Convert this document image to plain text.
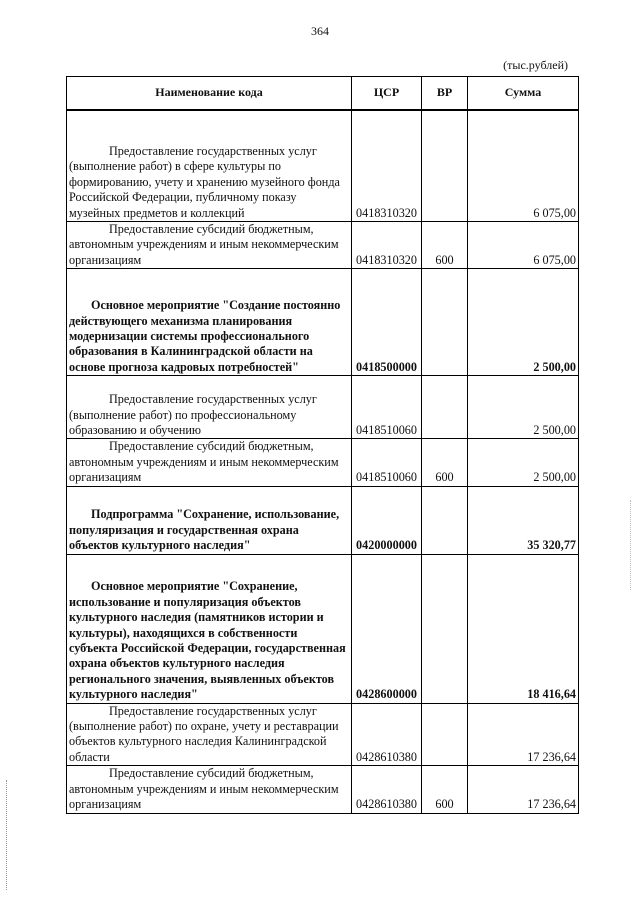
364
(тыс.рублей)
Наименование кода	ЦСР	ВР	Сумма
Предоставление государственных услуг (выполнение работ) в сфере культуры по формированию, учету и хранению музейного фонда Российской Федерации, публичному показу музейных предметов и коллекций	0418310320		6 075,00
Предоставление субсидий бюджетным, автономным учреждениям и иным некоммерческим организациям	0418310320	600	6 075,00
Основное мероприятие "Создание постоянно действующего механизма планирования модернизации системы профессионального образования в Калининградской области на основе прогноза кадровых потребностей"	0418500000		2 500,00
Предоставление государственных услуг (выполнение работ) по профессиональному образованию и обучению	0418510060		2 500,00
Предоставление субсидий бюджетным, автономным учреждениям и иным некоммерческим организациям	0418510060	600	2 500,00
Подпрограмма "Сохранение, использование, популяризация и государственная охрана объектов культурного наследия"	0420000000		35 320,77
Основное мероприятие "Сохранение, использование и популяризация объектов культурного наследия (памятников истории и культуры), находящихся в собственности субъекта Российской Федерации, государственная охрана объектов культурного наследия регионального значения, выявленных объектов культурного наследия"	0428600000		18 416,64
Предоставление государственных услуг (выполнение работ) по охране, учету и реставрации объектов культурного наследия Калининградской области	0428610380		17 236,64
Предоставление субсидий бюджетным, автономным учреждениям и иным некоммерческим организациям	0428610380	600	17 236,64
